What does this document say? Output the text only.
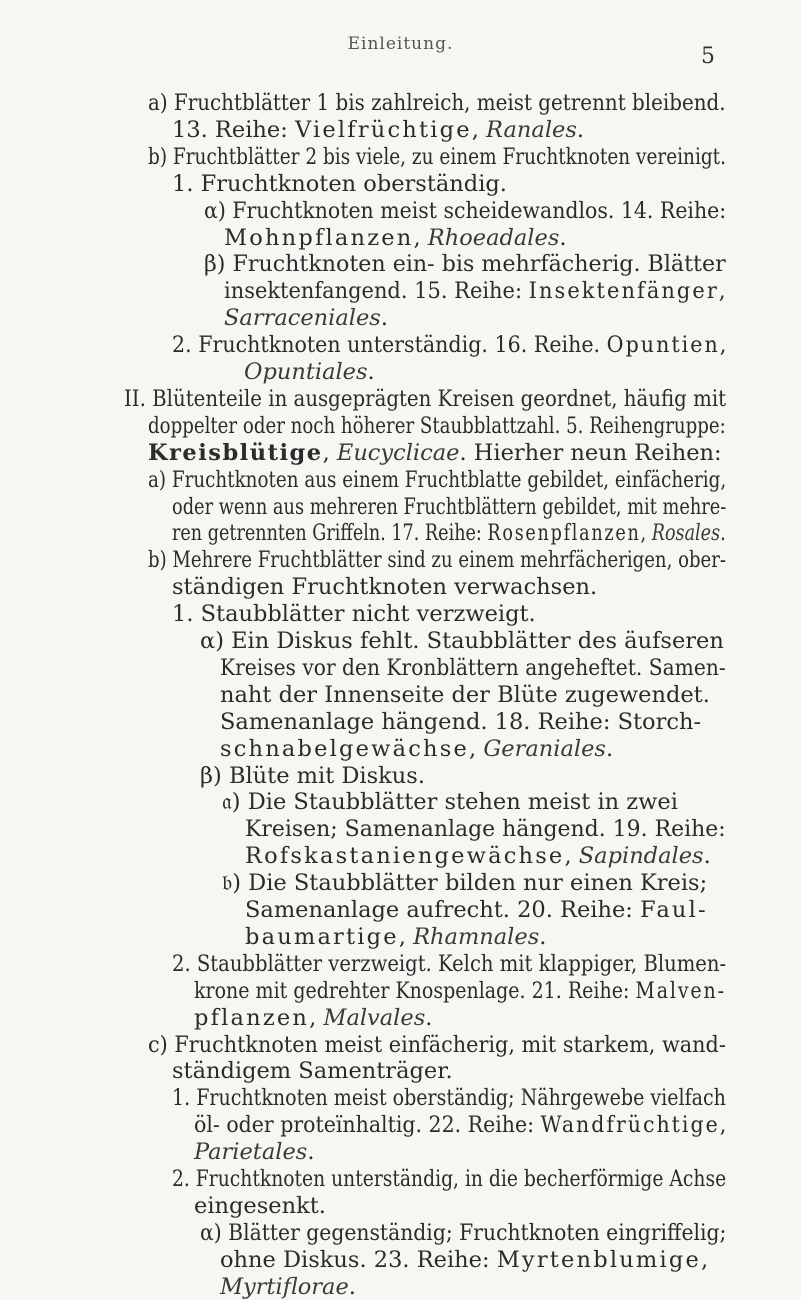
Einleitung.	5
a) Fruchtblätter 1 bis zahlreich, meist getrennt bleibend.
13. Reihe: Vielfrüchtige, Ranales.
b) Fruchtblätter 2 bis viele, zu einem Fruchtknoten vereinigt.
1. Fruchtknoten oberständig.
α) Fruchtknoten meist scheidewandlos. 14. Reihe:
Mohnpflanzen, Rhoeadales.
β) Fruchtknoten ein- bis mehrfächerig. Blätter
insektenfangend. 15. Reihe: Insektenfänger,
Sarraceniales.
2. Fruchtknoten unterständig. 16. Reihe. Opuntien,
Opuntiales.
II. Blütenteile in ausgeprägten Kreisen geordnet, häufig mit
doppelter oder noch höherer Staubblattzahl. 5. Reihengruppe:
Kreisblütige, Eucyclicae. Hierher neun Reihen:
a) Fruchtknoten aus einem Fruchtblatte gebildet, einfächerig,
oder wenn aus mehreren Fruchtblättern gebildet, mit mehre-
ren getrennten Griffeln. 17. Reihe: Rosenpflanzen, Rosales.
b) Mehrere Fruchtblätter sind zu einem mehrfächerigen, ober-
ständigen Fruchtknoten verwachsen.
1. Staubblätter nicht verzweigt.
α) Ein Diskus fehlt. Staubblätter des äufseren
Kreises vor den Kronblättern angeheftet. Samen-
naht der Innenseite der Blüte zugewendet.
Samenanlage hängend. 18. Reihe: Storch-
schnabelgewächse, Geraniales.
β) Blüte mit Diskus.
𝔞) Die Staubblätter stehen meist in zwei
Kreisen; Samenanlage hängend. 19. Reihe:
Rofskastaniengewächse, Sapindales.
𝔟) Die Staubblätter bilden nur einen Kreis;
Samenanlage aufrecht. 20. Reihe: Faul-
baumartige, Rhamnales.
2. Staubblätter verzweigt. Kelch mit klappiger, Blumen-
krone mit gedrehter Knospenlage. 21. Reihe: Malven-
pflanzen, Malvales.
c) Fruchtknoten meist einfächerig, mit starkem, wand-
ständigem Samenträger.
1. Fruchtknoten meist oberständig; Nährgewebe vielfach
öl- oder proteïnhaltig. 22. Reihe: Wandfrüchtige,
Parietales.
2. Fruchtknoten unterständig, in die becherförmige Achse
eingesenkt.
α) Blätter gegenständig; Fruchtknoten eingriffelig;
ohne Diskus. 23. Reihe: Myrtenblumige,
Myrtiflorae.
